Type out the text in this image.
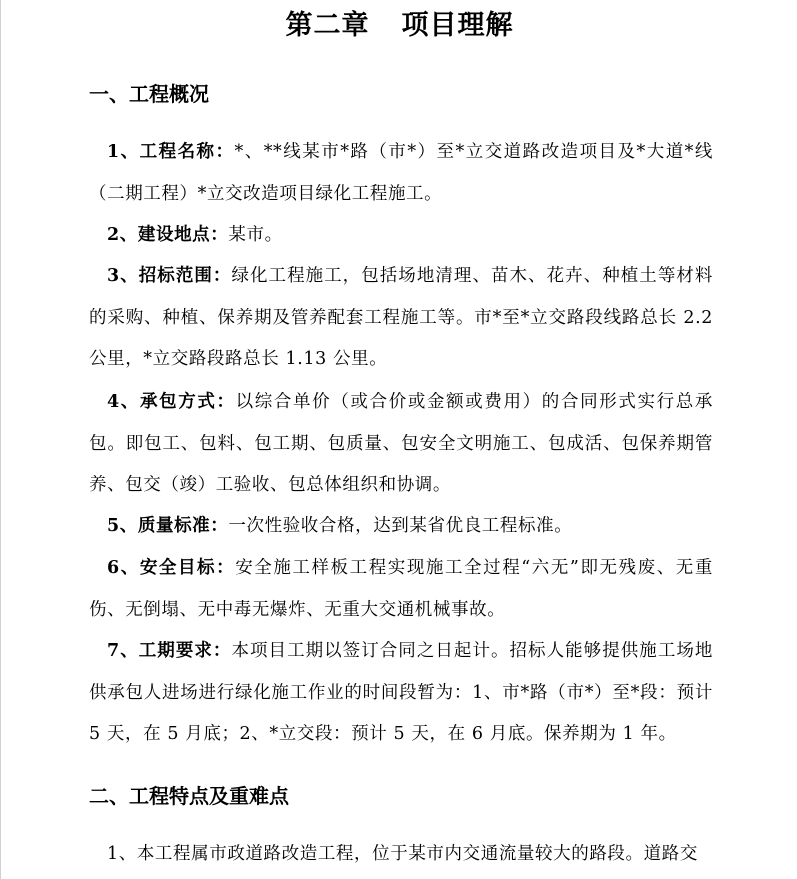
第二章 项目理解
一、工程概况
1、工程名称：*、**线某市*路（市*）至*立交道路改造项目及*大道*线（二期工程）*立交改造项目绿化工程施工。
2、建设地点：某市。
3、招标范围：绿化工程施工，包括场地清理、苗木、花卉、种植土等材料的采购、种植、保养期及管养配套工程施工等。市*至*立交路段线路总长 2.2 公里，*立交路段路总长 1.13 公里。
4、承包方式：以综合单价（或合价或金额或费用）的合同形式实行总承包。即包工、包料、包工期、包质量、包安全文明施工、包成活、包保养期管养、包交（竣）工验收、包总体组织和协调。
5、质量标准：一次性验收合格，达到某省优良工程标准。
6、安全目标：安全施工样板工程实现施工全过程“六无”即无残废、无重伤、无倒塌、无中毒无爆炸、无重大交通机械事故。
7、工期要求：本项目工期以签订合同之日起计。招标人能够提供施工场地供承包人进场进行绿化施工作业的时间段暂为：1、市*路（市*）至*段：预计 5 天，在 5 月底；2、*立交段：预计 5 天，在 6 月底。保养期为 1 年。
二、工程特点及重难点
1、本工程属市政道路改造工程，位于某市内交通流量较大的路段。道路交
